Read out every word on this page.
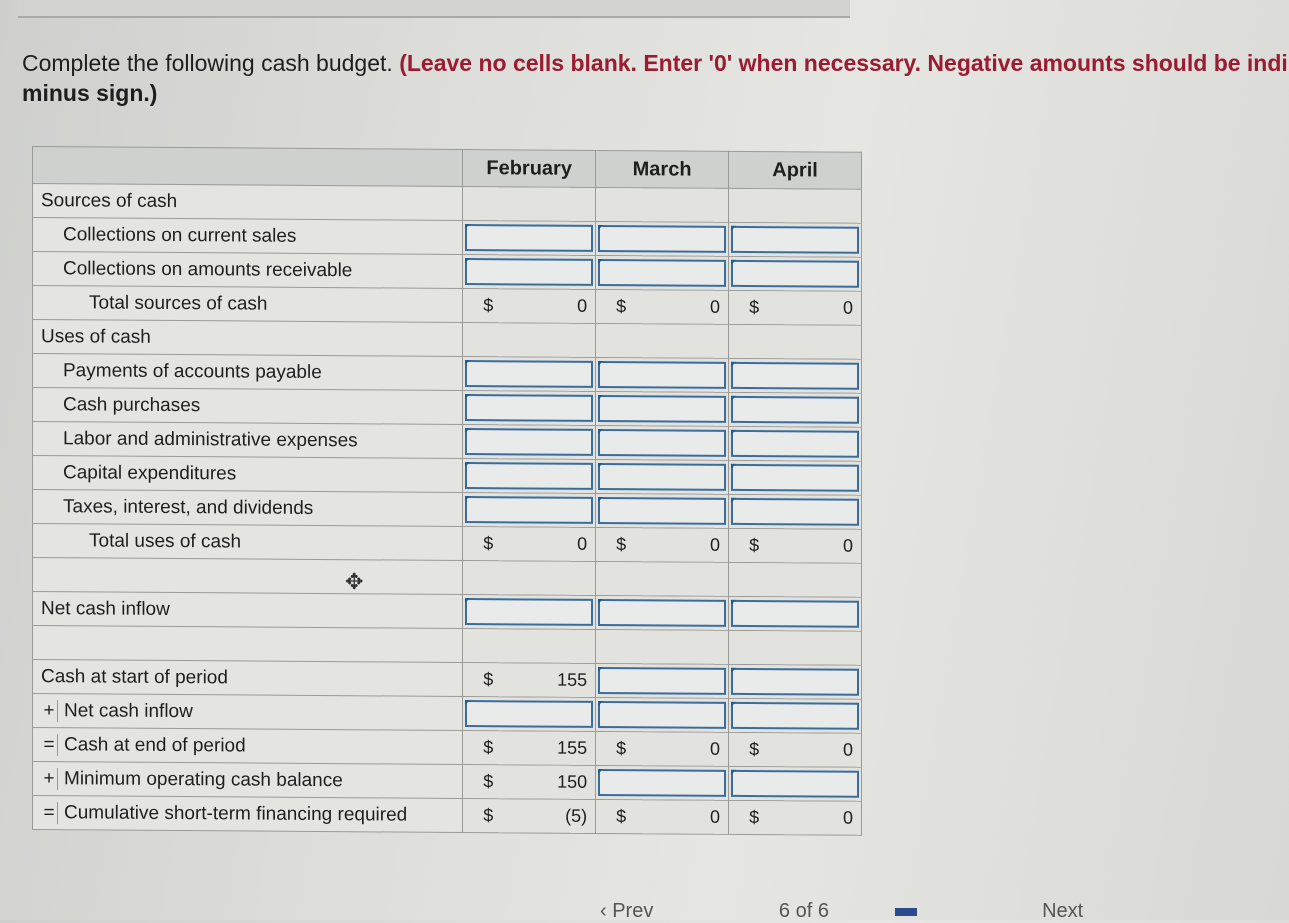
Complete the following cash budget. (Leave no cells blank. Enter '0' when necessary. Negative amounts should be indi
minus sign.)
	February	March	April
Sources of cash			
Collections on current sales	

Collections on amounts receivable	

Total sources of cash	$ 0	$ 0	$ 0

Uses of cash			
Payments of accounts payable	

Cash purchases	

Labor and administrative expenses	

Capital expenditures	

Taxes, interest, and dividends	

Total uses of cash	$ 0	$ 0	$ 0

Net cash inflow	

Cash at start of period	$ 155		

+ Net cash inflow	

= Cash at end of period	$ 155	$ 0	$ 0

+ Minimum operating cash balance	$ 150		

= Cumulative short-term financing required	$ (5)	$ 0	$ 0
✥
‹ Prev	6 of 6	Next
